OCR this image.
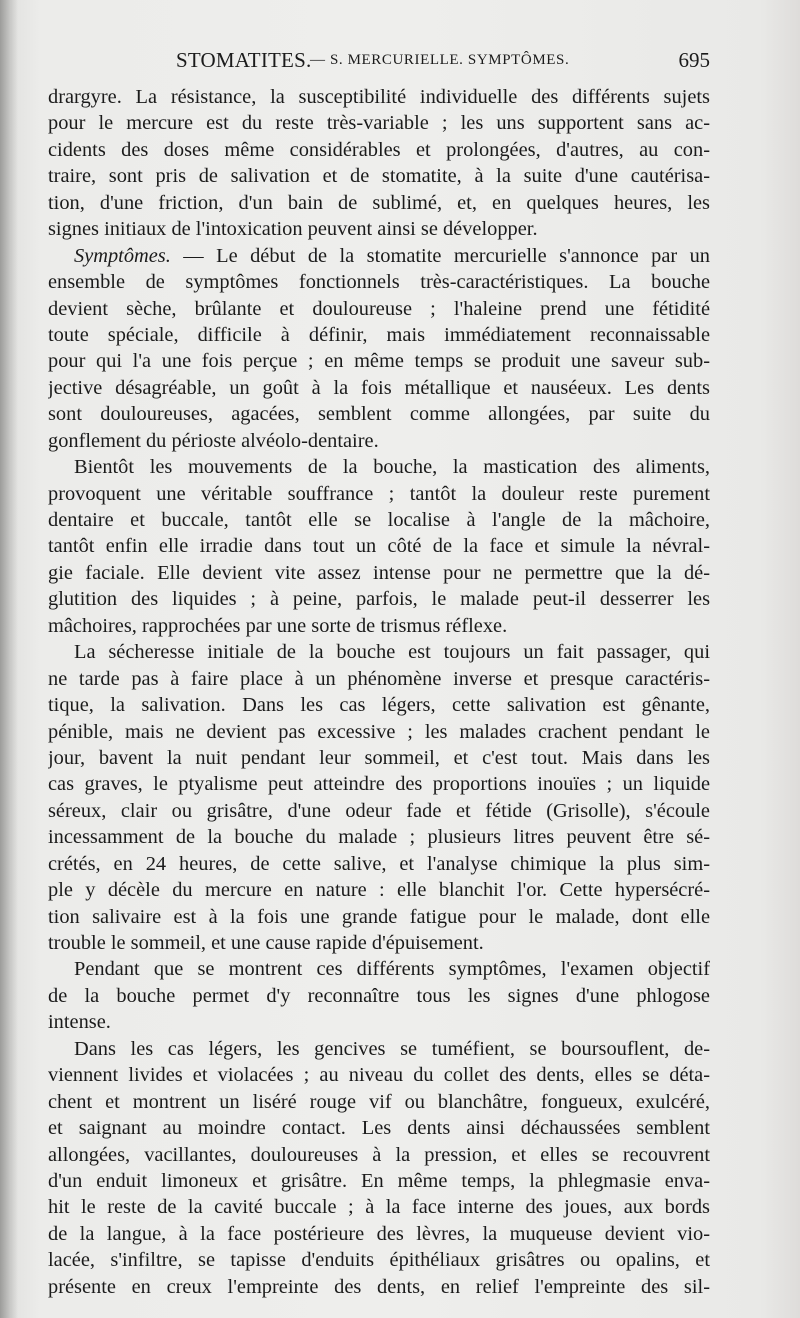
STOMATITES.
— S. MERCURIELLE. SYMPTÔMES.	695
drargyre. La résistance, la susceptibilité individuelle des différents sujets
pour le mercure est du reste très-variable ; les uns supportent sans ac-
cidents des doses même considérables et prolongées, d'autres, au con-
traire, sont pris de salivation et de stomatite, à la suite d'une cautérisa-
tion, d'une friction, d'un bain de sublimé, et, en quelques heures, les
signes initiaux de l'intoxication peuvent ainsi se développer.
Symptômes. — Le début de la stomatite mercurielle s'annonce par un
ensemble de symptômes fonctionnels très-caractéristiques. La bouche
devient sèche, brûlante et douloureuse ; l'haleine prend une fétidité
toute spéciale, difficile à définir, mais immédiatement reconnaissable
pour qui l'a une fois perçue ; en même temps se produit une saveur sub-
jective désagréable, un goût à la fois métallique et nauséeux. Les dents
sont douloureuses, agacées, semblent comme allongées, par suite du
gonflement du périoste alvéolo-dentaire.
Bientôt les mouvements de la bouche, la mastication des aliments,
provoquent une véritable souffrance ; tantôt la douleur reste purement
dentaire et buccale, tantôt elle se localise à l'angle de la mâchoire,
tantôt enfin elle irradie dans tout un côté de la face et simule la névral-
gie faciale. Elle devient vite assez intense pour ne permettre que la dé-
glutition des liquides ; à peine, parfois, le malade peut-il desserrer les
mâchoires, rapprochées par une sorte de trismus réflexe.
La sécheresse initiale de la bouche est toujours un fait passager, qui
ne tarde pas à faire place à un phénomène inverse et presque caractéris-
tique, la salivation. Dans les cas légers, cette salivation est gênante,
pénible, mais ne devient pas excessive ; les malades crachent pendant le
jour, bavent la nuit pendant leur sommeil, et c'est tout. Mais dans les
cas graves, le ptyalisme peut atteindre des proportions inouïes ; un liquide
séreux, clair ou grisâtre, d'une odeur fade et fétide (Grisolle), s'écoule
incessamment de la bouche du malade ; plusieurs litres peuvent être sé-
crétés, en 24 heures, de cette salive, et l'analyse chimique la plus sim-
ple y décèle du mercure en nature : elle blanchit l'or. Cette hypersécré-
tion salivaire est à la fois une grande fatigue pour le malade, dont elle
trouble le sommeil, et une cause rapide d'épuisement.
Pendant que se montrent ces différents symptômes, l'examen objectif
de la bouche permet d'y reconnaître tous les signes d'une phlogose
intense.
Dans les cas légers, les gencives se tuméfient, se boursouflent, de-
viennent livides et violacées ; au niveau du collet des dents, elles se déta-
chent et montrent un liséré rouge vif ou blanchâtre, fongueux, exulcéré,
et saignant au moindre contact. Les dents ainsi déchaussées semblent
allongées, vacillantes, douloureuses à la pression, et elles se recouvrent
d'un enduit limoneux et grisâtre. En même temps, la phlegmasie enva-
hit le reste de la cavité buccale ; à la face interne des joues, aux bords
de la langue, à la face postérieure des lèvres, la muqueuse devient vio-
lacée, s'infiltre, se tapisse d'enduits épithéliaux grisâtres ou opalins, et
présente en creux l'empreinte des dents, en relief l'empreinte des sil-
